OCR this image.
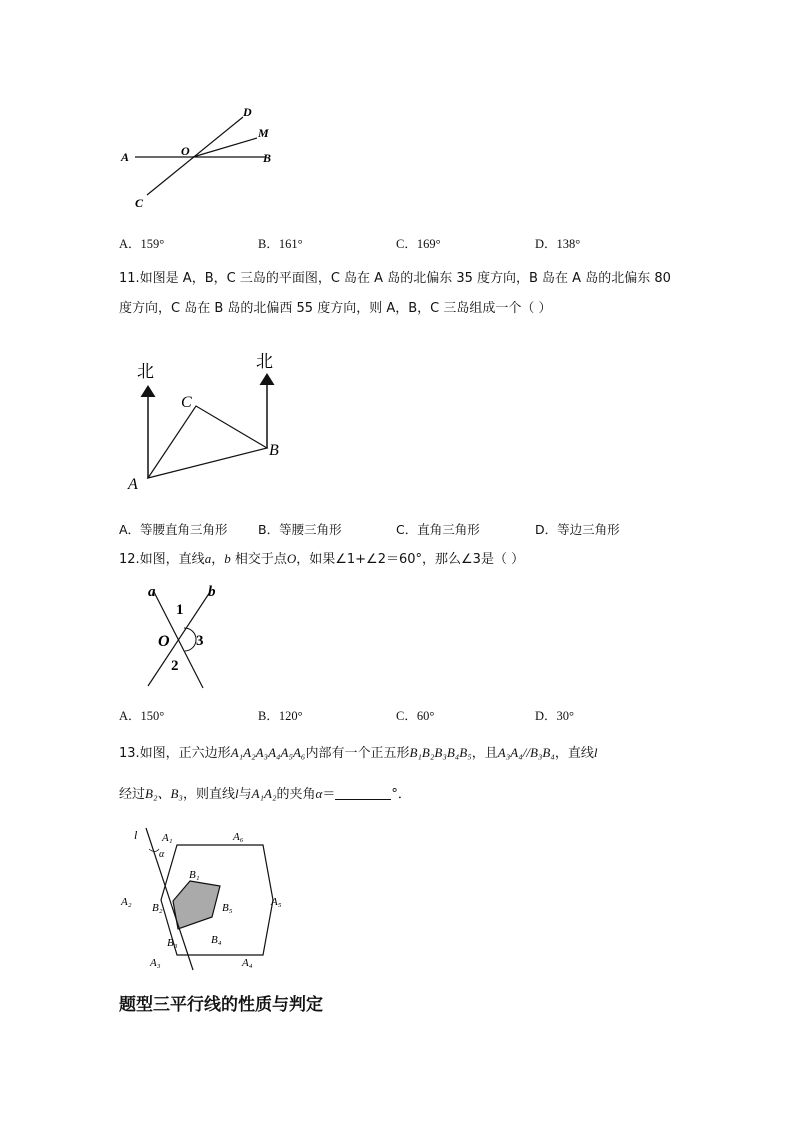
D
M
A	O	B
C
A．159°	B．161°	C．169°	D．138°
11.如图是 A，B，C 三岛的平面图，C 岛在 A 岛的北偏东 35 度方向，B 岛在 A 岛的北偏东 80
度方向，C 岛在 B 岛的北偏西 55 度方向，则 A，B，C 三岛组成一个（ ）
北	北
C
B
A
A．等腰直角三角形 B．等腰三角形	C．直角三角形	D．等边三角形
12.如图，直线a，b 相交于点O，如果∠1+∠2＝60°，那么∠3是（ ）
a	b
1
3
O
2
A．150°	B．120°	C．60°	D．30°
13.如图，正六边形A₁A₂A₃A₄A₅A₆内部有一个正五形B₁B₂B₃B₄B₅，且A₃A₄//B₃B₄，直线l
经过B₂、B₃，则直线l与A₁A₂的夹角α＝	°．
l A₁
α
A₆
A₂	A₅
A₃	A₄
B₁
B₂	B₅
B₃	B₄
题型三平行线的性质与判定
